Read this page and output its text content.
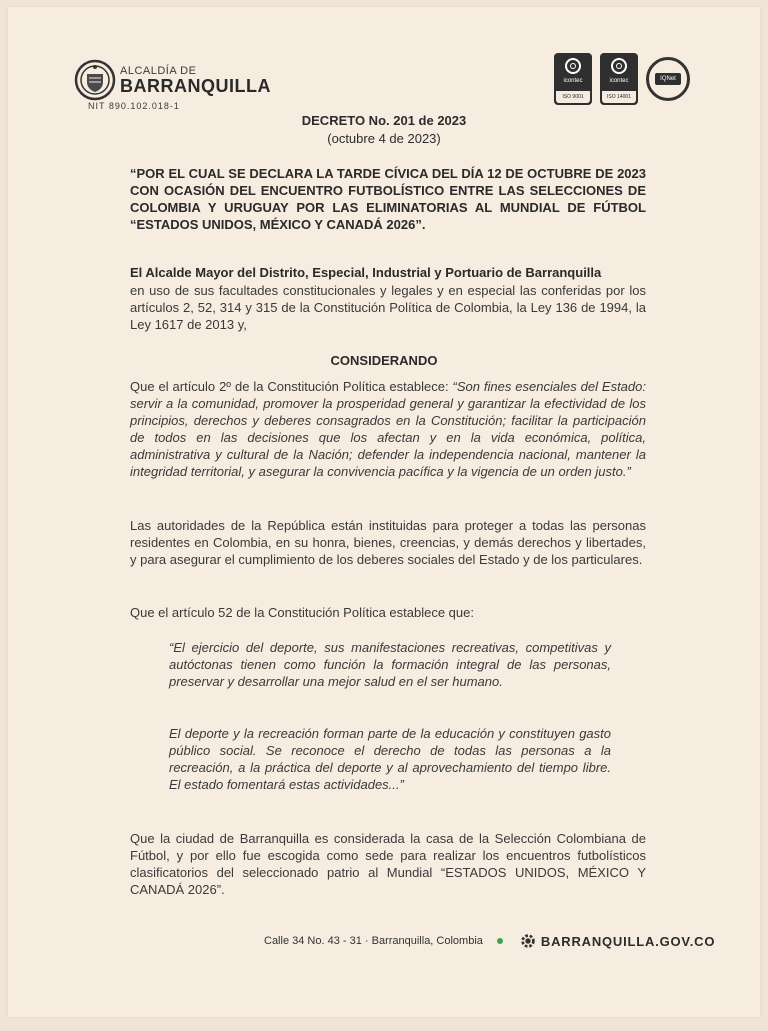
ALCALDÍA DE
BARRANQUILLA
NIT 890.102.018-1
icontec
ISO 9001
icontec
ISO 14001
IQNet
DECRETO No. 201 de 2023
(octubre 4 de 2023)
“POR EL CUAL SE DECLARA LA TARDE CÍVICA DEL DÍA 12 DE OCTUBRE DE 2023 CON OCASIÓN DEL ENCUENTRO FUTBOLÍSTICO ENTRE LAS SELECCIONES DE COLOMBIA Y URUGUAY POR LAS ELIMINATORIAS AL MUNDIAL DE FÚTBOL “ESTADOS UNIDOS, MÉXICO Y CANADÁ 2026”.
El Alcalde Mayor del Distrito, Especial, Industrial y Portuario de Barranquilla
en uso de sus facultades constitucionales y legales y en especial las conferidas por los artículos 2, 52, 314 y 315 de la Constitución Política de Colombia, la Ley 136 de 1994, la Ley 1617 de 2013 y,
CONSIDERANDO
Que el artículo 2º de la Constitución Política establece: “Son fines esenciales del Estado: servir a la comunidad, promover la prosperidad general y garantizar la efectividad de los principios, derechos y deberes consagrados en la Constitución; facilitar la participación de todos en las decisiones que los afectan y en la vida económica, política, administrativa y cultural de la Nación; defender la independencia nacional, mantener la integridad territorial, y asegurar la convivencia pacífica y la vigencia de un orden justo.”
Las autoridades de la República están instituidas para proteger a todas las personas residentes en Colombia, en su honra, bienes, creencias, y demás derechos y libertades, y para asegurar el cumplimiento de los deberes sociales del Estado y de los particulares.
Que el artículo 52 de la Constitución Política establece que:
“El ejercicio del deporte, sus manifestaciones recreativas, competitivas y autóctonas tienen como función la formación integral de las personas, preservar y desarrollar una mejor salud en el ser humano.
El deporte y la recreación forman parte de la educación y constituyen gasto público social. Se reconoce el derecho de todas las personas a la recreación, a la práctica del deporte y al aprovechamiento del tiempo libre. El estado fomentará estas actividades...”
Que la ciudad de Barranquilla es considerada la casa de la Selección Colombiana de Fútbol, y por ello fue escogida como sede para realizar los encuentros futbolísticos clasificatorios del seleccionado patrio al Mundial “ESTADOS UNIDOS, MÉXICO Y CANADÁ 2026”.
Calle 34 No. 43 - 31 · Barranquilla, Colombia	BARRANQUILLA.GOV.CO
